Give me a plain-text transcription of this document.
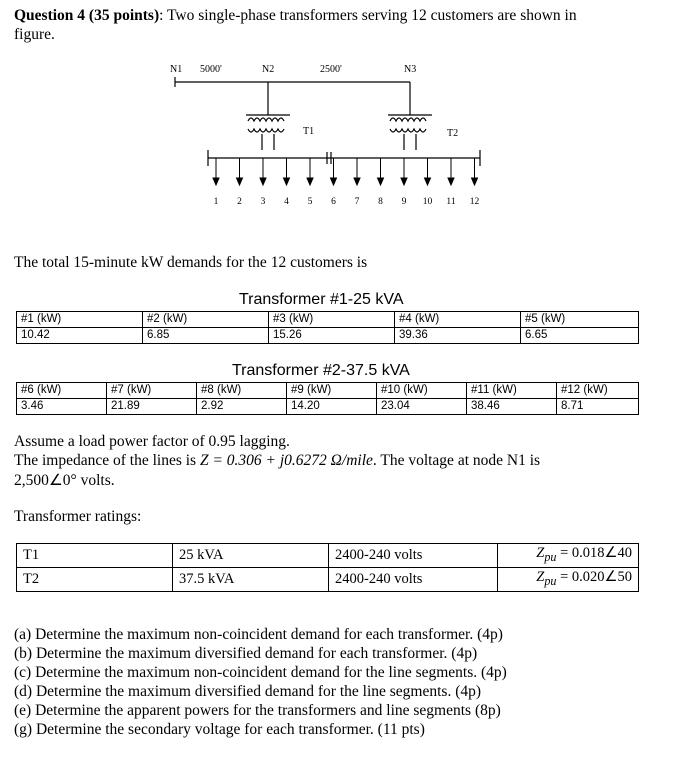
Question 4 (35 points): Two single-phase transformers serving 12 customers are shown in
figure.
N1 5000'	N2	2500'	N3
T1	T2
1 2 3 4 5 6 7 8 9 10 11 12
The total 15-minute kW demands for the 12 customers is
Transformer #1-25 kVA
#1 (kW)	#2 (kW)	#3 (kW)	#4 (kW)	#5 (kW)
10.42	6.85	15.26	39.36	6.65
Transformer #2-37.5 kVA
#6 (kW)	#7 (kW)	#8 (kW)	#9 (kW)	#10 (kW)	#11 (kW)	#12 (kW)
3.46	21.89	2.92	14.20	23.04	38.46	8.71
Assume a load power factor of 0.95 lagging.
The impedance of the lines is Z = 0.306 + j0.6272 Ω/mile. The voltage at node N1 is
2,500∠0° volts.
Transformer ratings:
T1	25 kVA	2400-240 volts	$Z_{pu}$ = 0.018∠40
T2	37.5 kVA	2400-240 volts	$Z_{pu}$ = 0.020∠50
(a) Determine the maximum non-coincident demand for each transformer. (4p)
(b) Determine the maximum diversified demand for each transformer. (4p)
(c) Determine the maximum non-coincident demand for the line segments. (4p)
(d) Determine the maximum diversified demand for the line segments. (4p)
(e) Determine the apparent powers for the transformers and line segments (8p)
(g) Determine the secondary voltage for each transformer. (11 pts)
